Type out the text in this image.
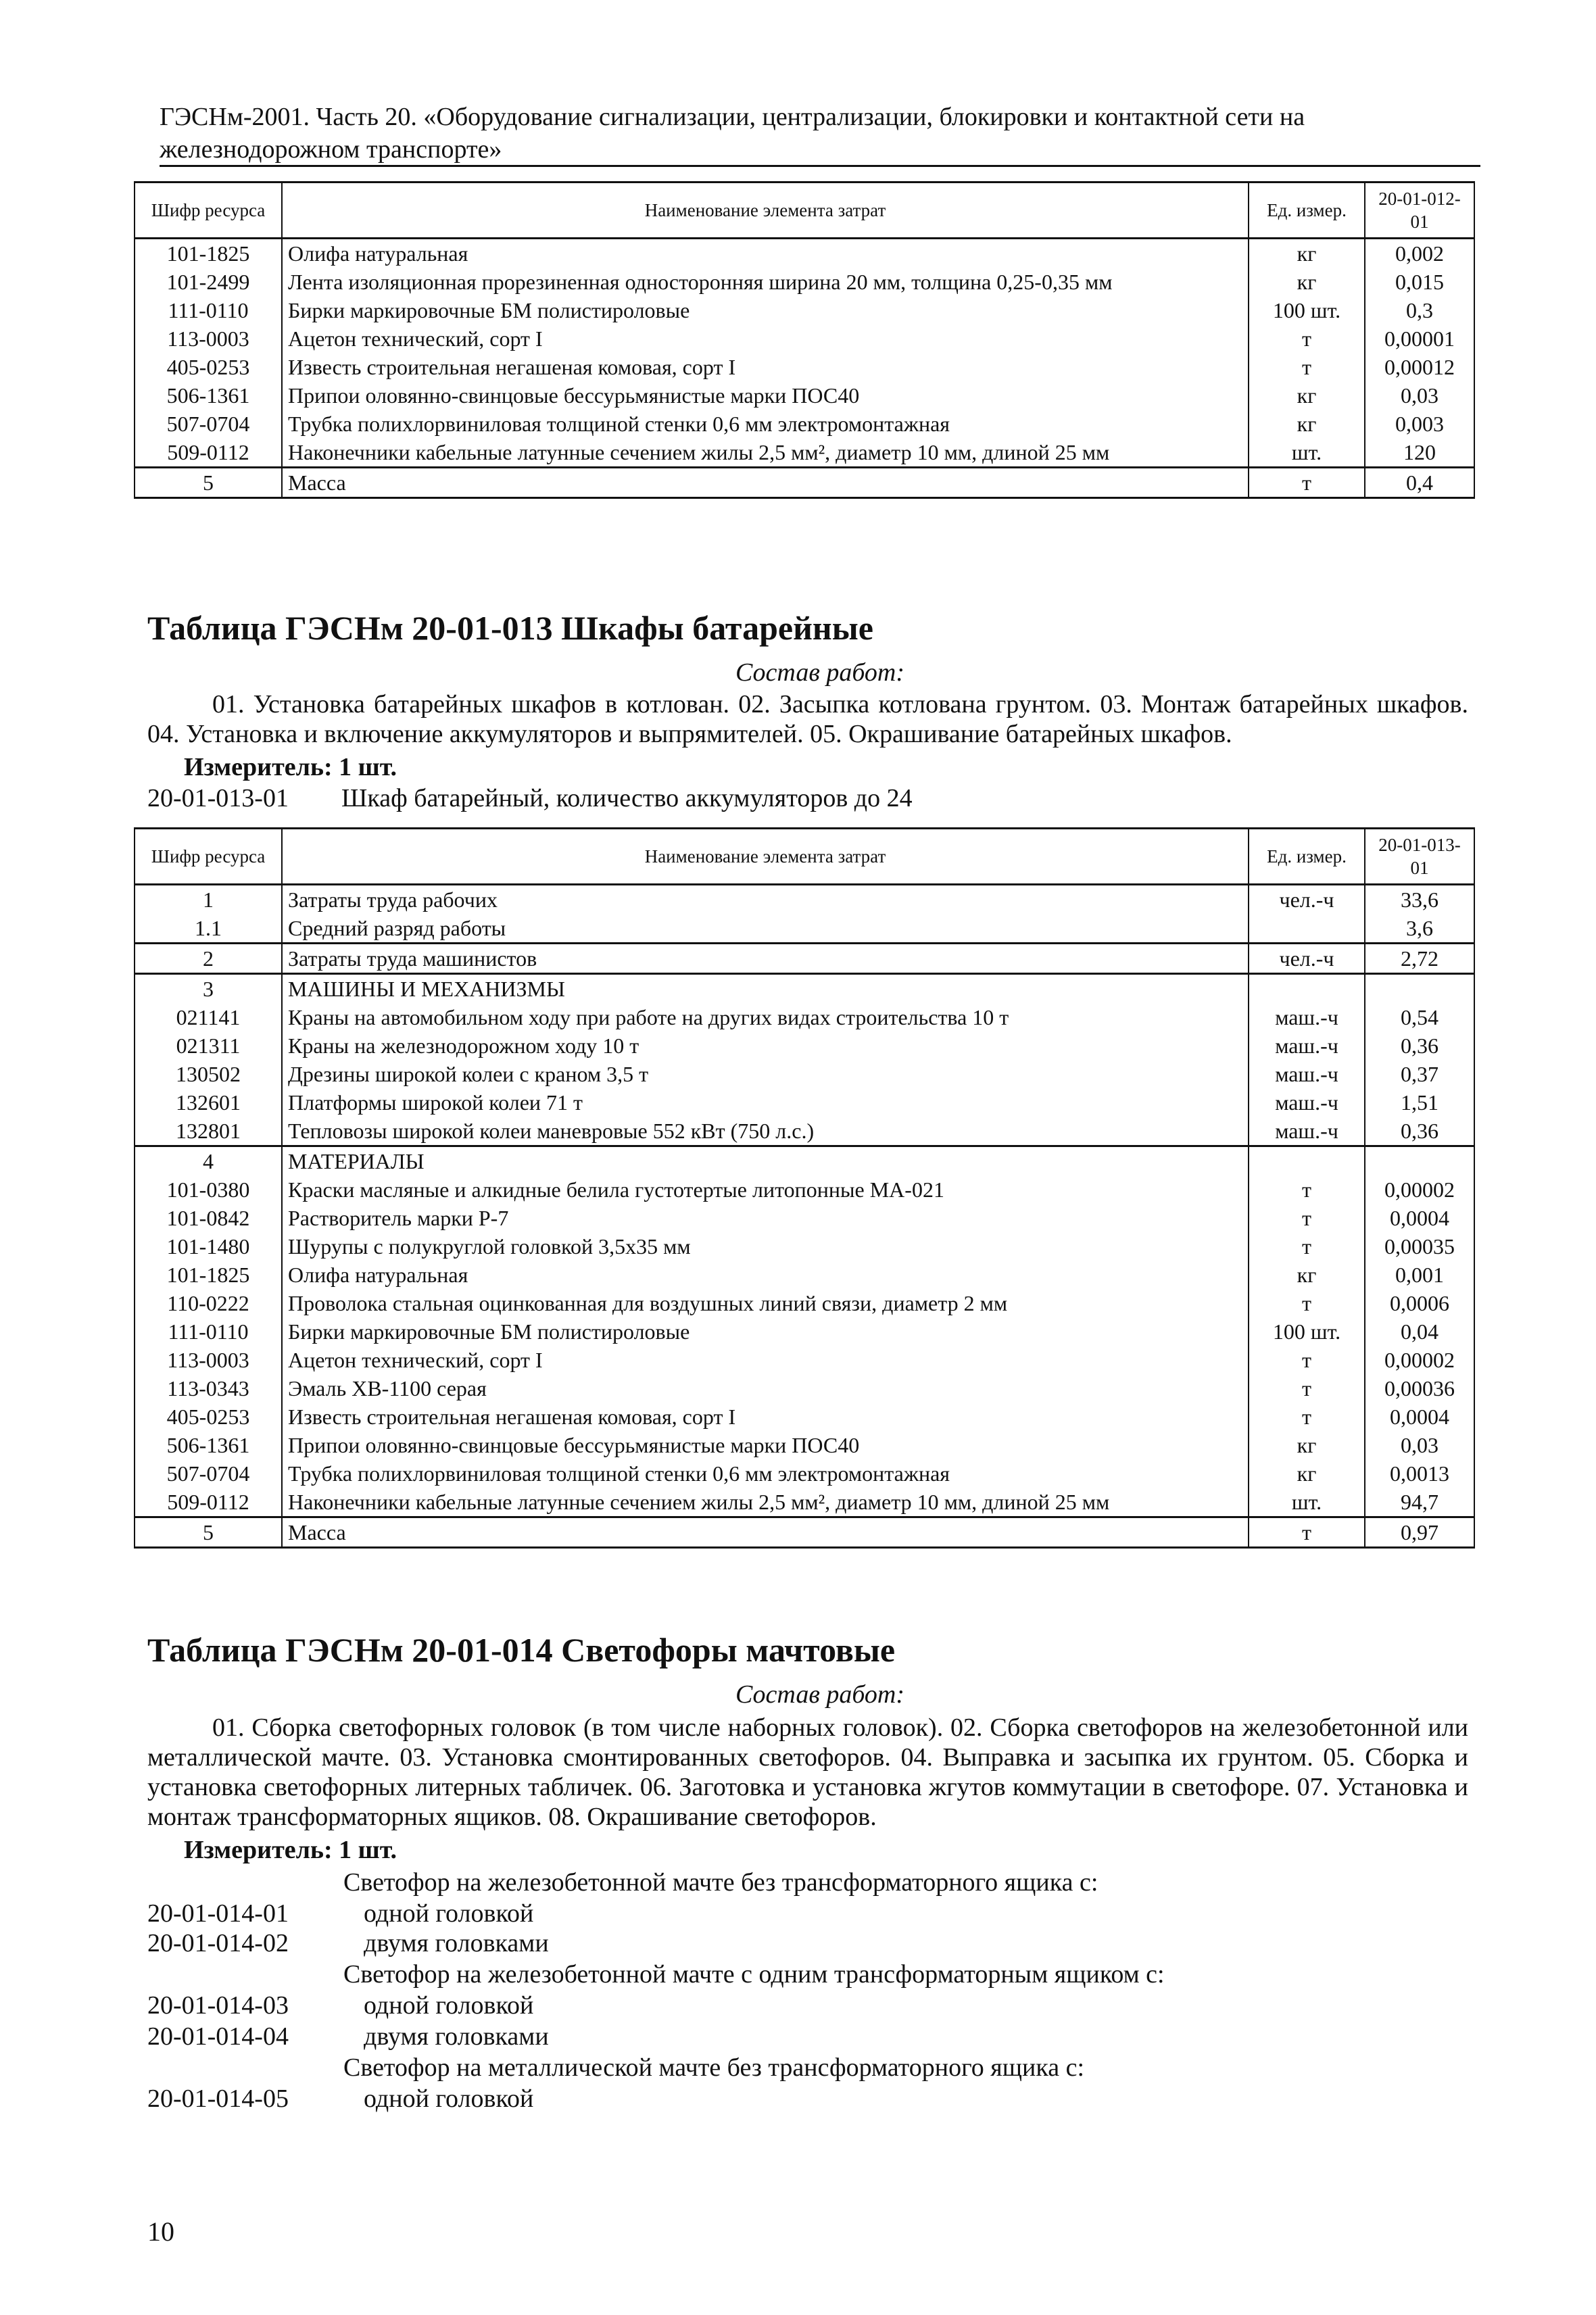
ГЭСНм-2001. Часть 20. «Оборудование сигнализации, централизации, блокировки и контактной сети на
железнодорожном транспорте»
Шифр ресурса	Наименование элемента затрат	Ед. измер.	20-01-012-01
101-1825	Олифа натуральная	кг	0,002
101-2499	Лента изоляционная прорезиненная односторонняя ширина 20 мм, толщина 0,25-0,35 мм	кг	0,015
111-0110	Бирки маркировочные БМ полистироловые	100 шт.	0,3
113-0003	Ацетон технический, сорт I	т	0,00001
405-0253	Известь строительная негашеная комовая, сорт I	т	0,00012
506-1361	Припои оловянно-свинцовые бессурьмянистые марки ПОС40	кг	0,03
507-0704	Трубка полихлорвиниловая толщиной стенки 0,6 мм электромонтажная	кг	0,003
509-0112	Наконечники кабельные латунные сечением жилы 2,5 мм², диаметр 10 мм, длиной 25 мм	шт.	120
5	Масса	т	0,4
Таблица ГЭСНм 20-01-013 Шкафы батарейные
Состав работ:
01. Установка батарейных шкафов в котлован. 02. Засыпка котлована грунтом. 03. Монтаж батарейных шкафов. 04. Установка и включение аккумуляторов и выпрямителей. 05. Окрашивание батарейных шкафов.
Измеритель: 1 шт.
20-01-013-01 Шкаф батарейный, количество аккумуляторов до 24
Шифр ресурса	Наименование элемента затрат	Ед. измер.	20-01-013-01
1	Затраты труда рабочих	чел.-ч	33,6
1.1	Средний разряд работы		3,6
2	Затраты труда машинистов	чел.-ч	2,72
3	МАШИНЫ И МЕХАНИЗМЫ		
021141	Краны на автомобильном ходу при работе на других видах строительства 10 т	маш.-ч	0,54
021311	Краны на железнодорожном ходу 10 т	маш.-ч	0,36
130502	Дрезины широкой колеи с краном 3,5 т	маш.-ч	0,37
132601	Платформы широкой колеи 71 т	маш.-ч	1,51
132801	Тепловозы широкой колеи маневровые 552 кВт (750 л.с.)	маш.-ч	0,36
4	МАТЕРИАЛЫ		
101-0380	Краски масляные и алкидные белила густотертые литопонные МА-021	т	0,00002
101-0842	Растворитель марки Р-7	т	0,0004
101-1480	Шурупы с полукруглой головкой 3,5х35 мм	т	0,00035
101-1825	Олифа натуральная	кг	0,001
110-0222	Проволока стальная оцинкованная для воздушных линий связи, диаметр 2 мм	т	0,0006
111-0110	Бирки маркировочные БМ полистироловые	100 шт.	0,04
113-0003	Ацетон технический, сорт I	т	0,00002
113-0343	Эмаль ХВ-1100 серая	т	0,00036
405-0253	Известь строительная негашеная комовая, сорт I	т	0,0004
506-1361	Припои оловянно-свинцовые бессурьмянистые марки ПОС40	кг	0,03
507-0704	Трубка полихлорвиниловая толщиной стенки 0,6 мм электромонтажная	кг	0,0013
509-0112	Наконечники кабельные латунные сечением жилы 2,5 мм², диаметр 10 мм, длиной 25 мм	шт.	94,7
5	Масса	т	0,97
Таблица ГЭСНм 20-01-014 Светофоры мачтовые
Состав работ:
01. Сборка светофорных головок (в том числе наборных головок). 02. Сборка светофоров на железобетонной или металлической мачте. 03. Установка смонтированных светофоров. 04. Выправка и засыпка их грунтом. 05. Сборка и установка светофорных литерных табличек. 06. Заготовка и установка жгутов коммутации в светофоре. 07. Установка и монтаж трансформаторных ящиков. 08. Окрашивание светофоров.
Измеритель: 1 шт.
Светофор на железобетонной мачте без трансформаторного ящика с:
20-01-014-01	одной головкой
20-01-014-02	двумя головками
Светофор на железобетонной мачте с одним трансформаторным ящиком с:
20-01-014-03	одной головкой
20-01-014-04	двумя головками
Светофор на металлической мачте без трансформаторного ящика с:
20-01-014-05	одной головкой
10
